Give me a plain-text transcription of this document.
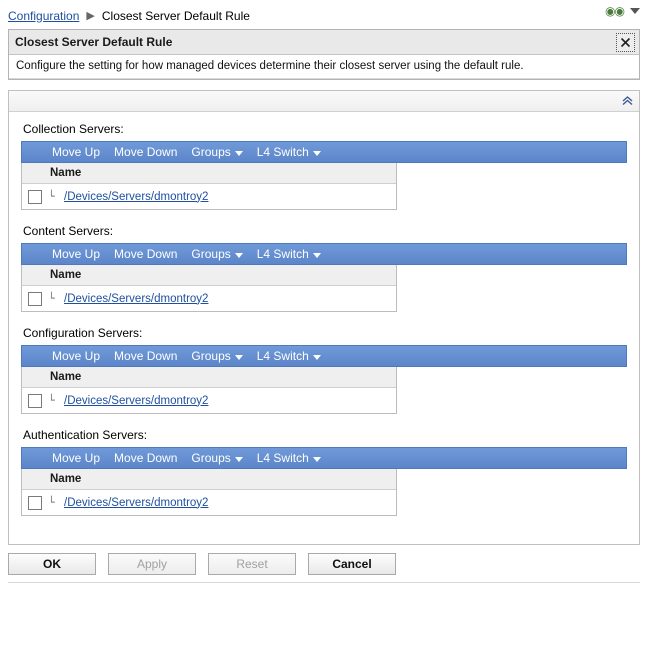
Configuration ▶ Closest Server Default Rule	◉◉
Closest Server Default Rule
Configure the setting for how managed devices determine their closest server using the default rule.
Collection Servers:
Move Up Move Down Groups L4 Switch
Name
└ /Devices/Servers/dmontroy2
Content Servers:
Move Up Move Down Groups L4 Switch
Name
└ /Devices/Servers/dmontroy2
Configuration Servers:
Move Up Move Down Groups L4 Switch
Name
└ /Devices/Servers/dmontroy2
Authentication Servers:
Move Up Move Down Groups L4 Switch
Name
└ /Devices/Servers/dmontroy2
OK	Apply	Reset	Cancel
